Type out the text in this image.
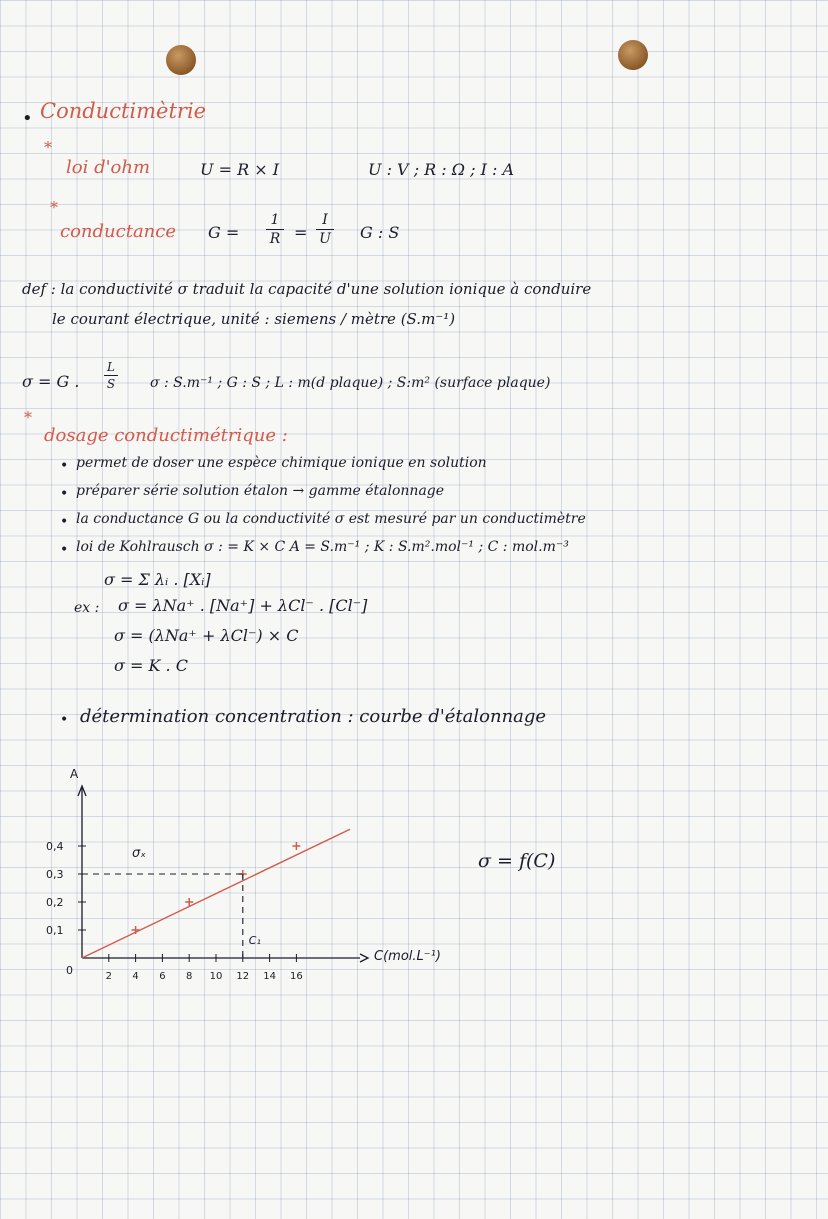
• Conductimètrie
*
loi d'ohm	U = R × I	U : V ; R : Ω ; I : A
*
conductance G =
1
R =
I
U G : S
def : la conductivité σ traduit la capacité d'une solution ionique à conduire
le courant électrique, unité : siemens / mètre (S.m⁻¹)
σ = G .
L
S σ : S.m⁻¹ ; G : S ; L : m(d plaque) ; S:m² (surface plaque)
*
dosage conductimétrique :
• permet de doser une espèce chimique ionique en solution
• préparer série solution étalon → gamme étalonnage
• la conductance G ou la conductivité σ est mesuré par un conductimètre
• loi de Kohlrausch σ : = K × C A = S.m⁻¹ ; K : S.m².mol⁻¹ ; C : mol.m⁻³
σ = Σ λᵢ . [Xᵢ]
ex : σ = λNa⁺ . [Na⁺] + λCl⁻ . [Cl⁻]
σ = (λNa⁺ + λCl⁻) × C
σ = K . C
• détermination concentration : courbe d'étalonnage
A
C(mol.L⁻¹)
0	2 4 6 8 10 12 14 16
0,1
0,2
0,3
0,4	σₓ
C₁
σ = f(C)
